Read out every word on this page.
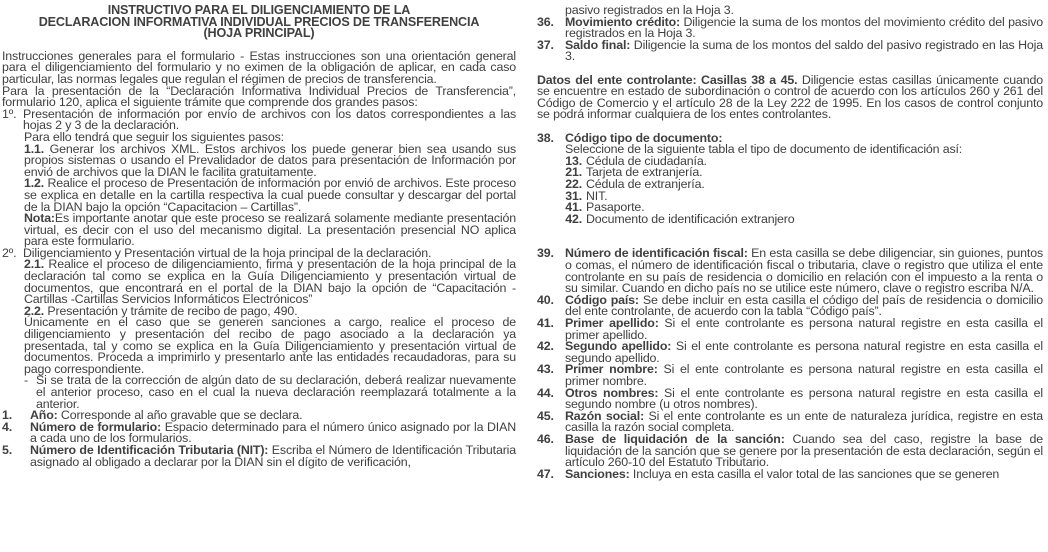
INSTRUCTIVO PARA EL DILIGENCIAMIENTO DE LA
DECLARACION INFORMATIVA INDIVIDUAL PRECIOS DE TRANSFERENCIA
(HOJA PRINCIPAL)

Instrucciones generales para el formulario - Estas instrucciones son una orientación general para el diligenciamiento del formulario y no eximen de la obligación de aplicar, en cada caso particular, las normas legales que regulan el régimen de precios de transferencia.

Para la presentación de la “Declaración Informativa Individual Precios de Transferencia”, formulario 120, aplica el siguiente trámite que comprende dos grandes pasos:

1º. Presentación de información por envío de archivos con los datos correspondientes a las hojas 2 y 3 de la declaración.

Para ello tendrá que seguir los siguientes pasos:

1.1. Generar los archivos XML. Estos archivos los puede generar bien sea usando sus propios sistemas o usando el Prevalidador de datos para presentación de Información por envió de archivos que la DIAN le facilita gratuitamente.

1.2. Realice el proceso de Presentación de información por envió de archivos. Este proceso se explica en detalle en la cartilla respectiva la cual puede consultar y descargar del portal de la DIAN bajo la opción “Capacitacion – Cartillas”.

Nota:Es importante anotar que este proceso se realizará solamente mediante presentación virtual, es decir con el uso del mecanismo digital. La presentación presencial NO aplica para este formulario.

2º. Diligenciamiento y Presentación virtual de la hoja principal de la declaración.

2.1. Realice el proceso de diligenciamiento, firma y presentación de la hoja principal de la declaración tal como se explica en la Guía Diligenciamiento y presentación virtual de documentos, que encontrará en el portal de la DIAN bajo la opción de “Capacitación - Cartillas -Cartillas Servicios Informáticos Electrónicos”

2.2. Presentación y trámite de recibo de pago, 490.

Únicamente en el caso que se generen sanciones a cargo, realice el proceso de diligenciamiento y presentación del recibo de pago asociado a la declaración ya presentada, tal y como se explica en la Guía Diligenciamiento y presentación virtual de documentos. Proceda a imprimirlo y presentarlo ante las entidades recaudadoras, para su pago correspondiente.

- Si se trata de la corrección de algún dato de su declaración, deberá realizar nuevamente el anterior proceso, caso en el cual la nueva declaración reemplazará totalmente a la anterior.
1.	Año: Corresponde al año gravable que se declara.
4.	Número de formulario: Espacio determinado para el número único asignado por la DIAN a cada uno de los formularios.
5.	Número de Identificación Tributaria (NIT): Escriba el Número de Identificación Tributaria asignado al obligado a declarar por la DIAN sin el dígito de verificación,

pasivo registrados en la Hoja 3.

36. Movimiento crédito: Diligencie la suma de los montos del movimiento crédito del pasivo registrados en la Hoja 3.
37. Saldo final: Diligencie la suma de los montos del saldo del pasivo registrado en las Hoja 3.

Datos del ente controlante: Casillas 38 a 45. Diligencie estas casillas únicamente cuando se encuentre en estado de subordinación o control de acuerdo con los artículos 260 y 261 del Código de Comercio y el artículo 28 de la Ley 222 de 1995. En los casos de control conjunto se podrá informar cualquiera de los entes controlantes.

38. Código tipo de documento:

Seleccione de la siguiente tabla el tipo de documento de identificación así:

13. Cédula de ciudadanía.
21. Tarjeta de extranjería.
22. Cédula de extranjería.
31. NIT.
41. Pasaporte.
42. Documento de identificación extranjero
39. Número de identificación fiscal: En esta casilla se debe diligenciar, sin guiones, puntos o comas, el número de identificación fiscal o tributaria, clave o registro que utiliza el ente controlante en su país de residencia o domicilio en relación con el impuesto a la renta o su similar. Cuando en dicho país no se utilice este número, clave o registro escriba N/A.
40. Código país: Se debe incluir en esta casilla el código del país de residencia o domicilio del ente controlante, de acuerdo con la tabla “Código país”.
41. Primer apellido: Si el ente controlante es persona natural registre en esta casilla el primer apellido.
42. Segundo apellido: Si el ente controlante es persona natural registre en esta casilla el segundo apellido.
43. Primer nombre: Si el ente controlante es persona natural registre en esta casilla el primer nombre.
44. Otros nombres: Si el ente controlante es persona natural registre en esta casilla el segundo nombre (u otros nombres).
45. Razón social: Si el ente controlante es un ente de naturaleza jurídica, registre en esta casilla la razón social completa.
46. Base de liquidación de la sanción: Cuando sea del caso, registre la base de liquidación de la sanción que se genere por la presentación de esta declaración, según el artículo 260-10 del Estatuto Tributario.
47. Sanciones: Incluya en esta casilla el valor total de las sanciones que se generen
